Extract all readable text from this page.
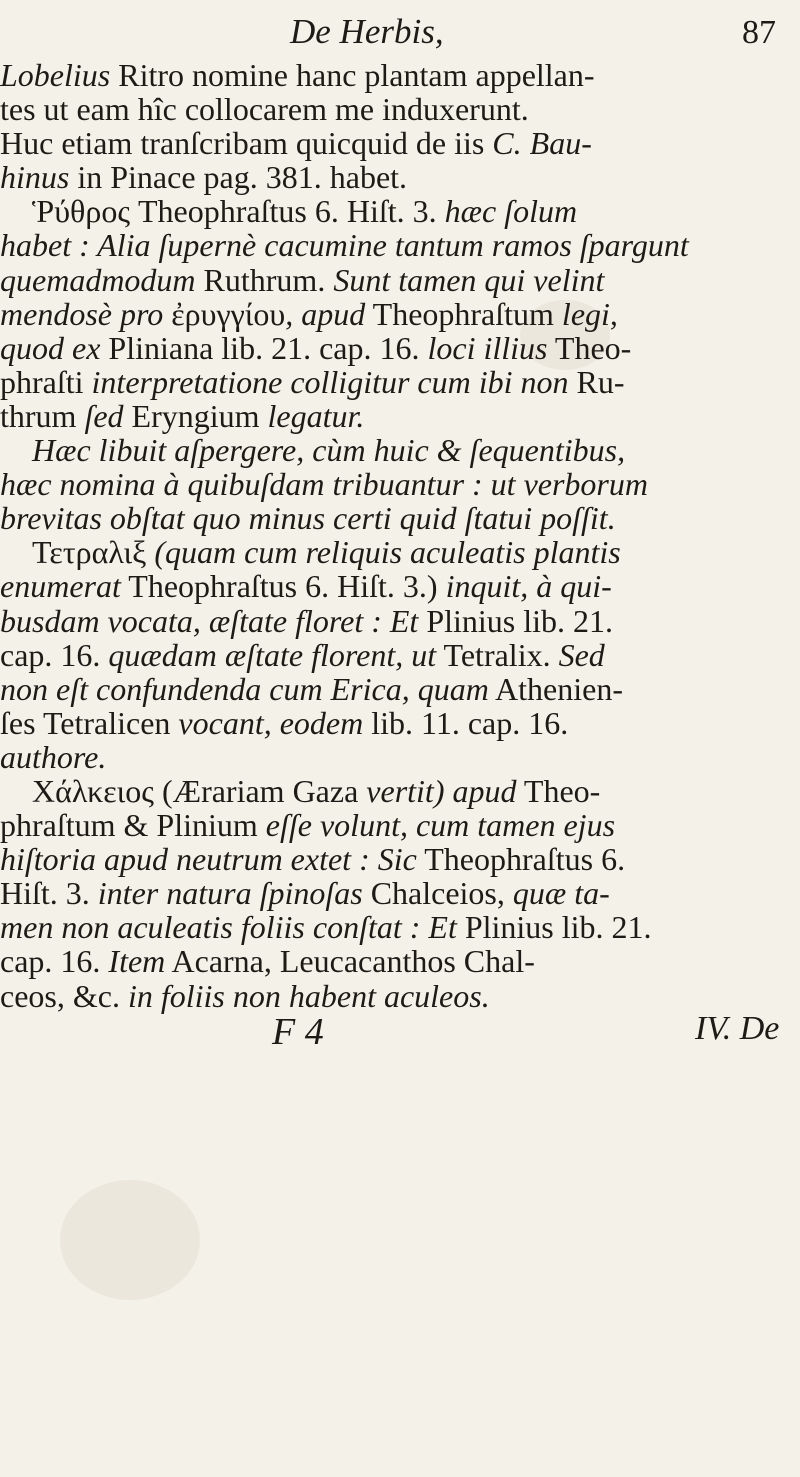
De Herbis,	87
Lobelius Ritro nomine hanc plantam appellan-
tes ut eam hîc collocarem me induxerunt.
Huc etiam tranſcribam quicquid de iis C. Bau-
hinus in Pinace pag. 381. habet.
Ῥύθρος Theophraſtus 6. Hiſt. 3. hæc ſolum
habet : Alia ſupernè cacumine tantum ramos ſpargunt
quemadmodum Ruthrum. Sunt tamen qui velint
mendosè pro ἐρυγγίου, apud Theophraſtum legi,
quod ex Pliniana lib. 21. cap. 16. loci illius Theo-
phraſti interpretatione colligitur cum ibi non Ru-
thrum ſed Eryngium legatur.
Hæc libuit aſpergere, cùm huic & ſequentibus,
hæc nomina à quibuſdam tribuantur : ut verborum
brevitas obſtat quo minus certi quid ſtatui poſſit.
Τετραλιξ (quam cum reliquis aculeatis plantis
enumerat Theophraſtus 6. Hiſt. 3.) inquit, à qui-
busdam vocata, æſtate floret : Et Plinius lib. 21.
cap. 16. quædam æſtate florent, ut Tetralix. Sed
non eſt confundenda cum Erica, quam Athenien-
ſes Tetralicen vocant, eodem lib. 11. cap. 16.
authore.
Χάλκειος (Ærariam Gaza vertit) apud Theo-
phraſtum & Plinium eſſe volunt, cum tamen ejus
hiſtoria apud neutrum extet : Sic Theophraſtus 6.
Hiſt. 3. inter natura ſpinoſas Chalceios, quæ ta-
men non aculeatis foliis conſtat : Et Plinius lib. 21.
cap. 16. Item Acarna, Leucacanthos Chal-
ceos, &c. in foliis non habent aculeos.
F 4	IV. De
